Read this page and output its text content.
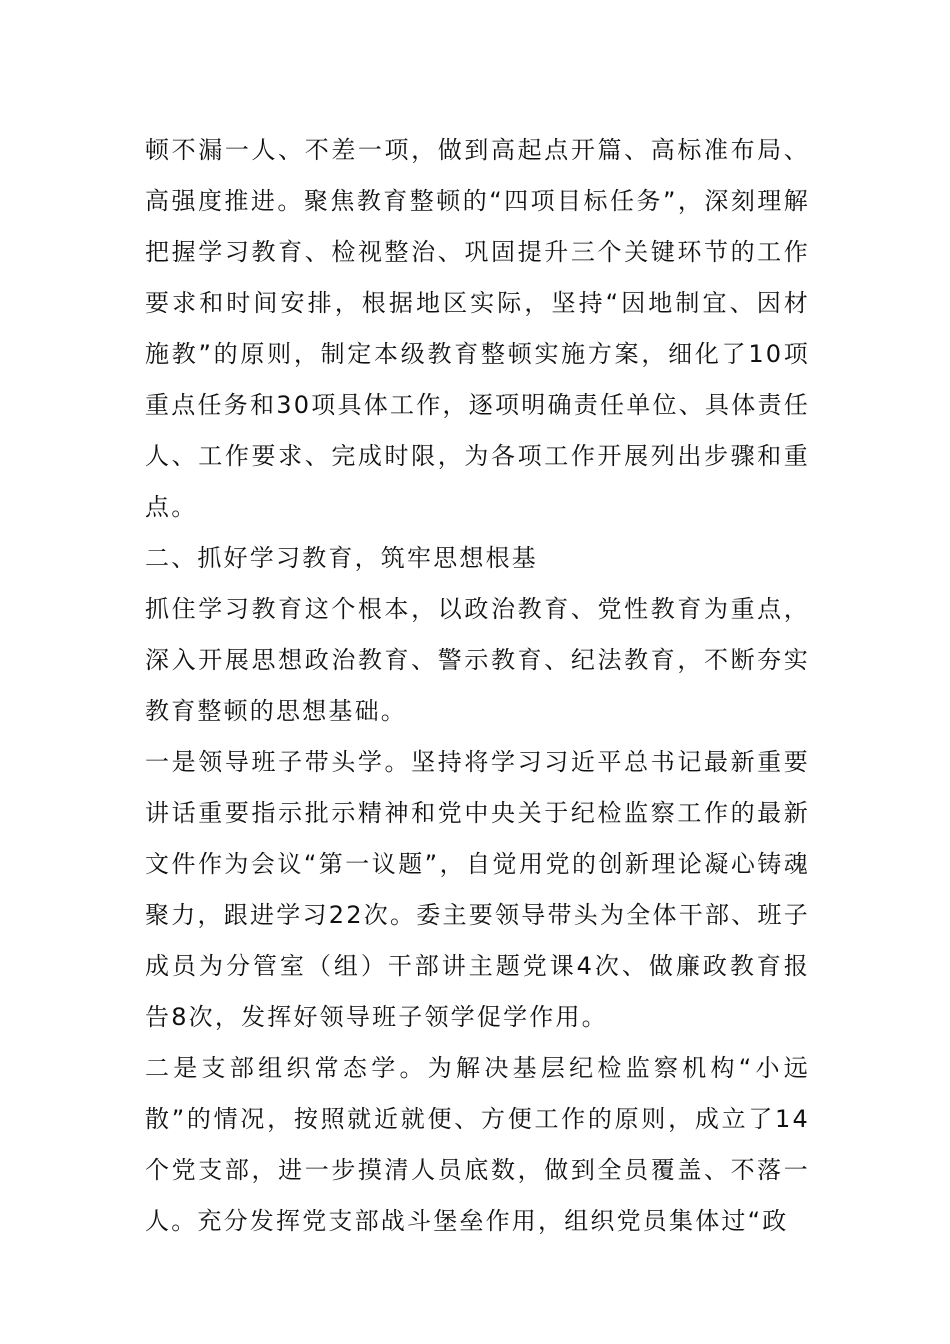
顿不漏一人、不差一项，做到高起点开篇、高标准布局、高强度推进。聚焦教育整顿的“四项目标任务”，深刻理解把握学习教育、检视整治、巩固提升三个关键环节的工作要求和时间安排，根据地区实际，坚持“因地制宜、因材施教”的原则，制定本级教育整顿实施方案，细化了10项重点任务和30项具体工作，逐项明确责任单位、具体责任人、工作要求、完成时限，为各项工作开展列出步骤和重点。

二、抓好学习教育，筑牢思想根基

抓住学习教育这个根本，以政治教育、党性教育为重点，深入开展思想政治教育、警示教育、纪法教育，不断夯实教育整顿的思想基础。

一是领导班子带头学。坚持将学习习近平总书记最新重要讲话重要指示批示精神和党中央关于纪检监察工作的最新文件作为会议“第一议题”，自觉用党的创新理论凝心铸魂聚力，跟进学习22次。委主要领导带头为全体干部、班子成员为分管室（组）干部讲主题党课4次、做廉政教育报告8次，发挥好领导班子领学促学作用。

二是支部组织常态学。为解决基层纪检监察机构“小远散”的情况，按照就近就便、方便工作的原则，成立了14个党支部，进一步摸清人员底数，做到全员覆盖、不落一人。充分发挥党支部战斗堡垒作用，组织党员集体过“政
